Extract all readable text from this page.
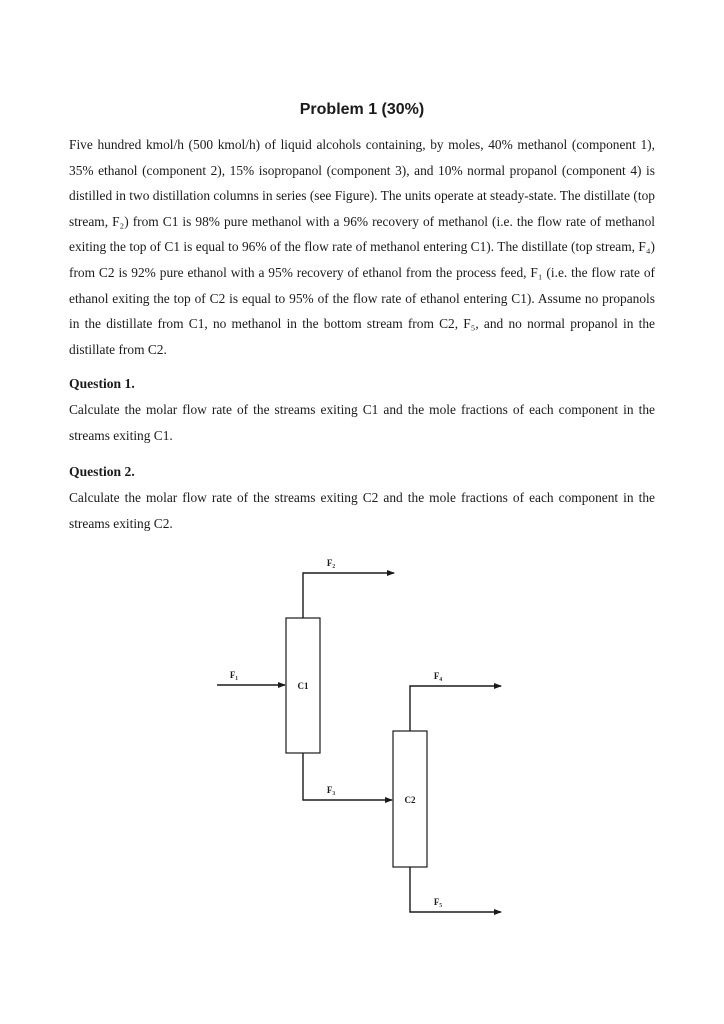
Problem 1 (30%)
Five hundred kmol/h (500 kmol/h) of liquid alcohols containing, by moles, 40% methanol (component 1), 35% ethanol (component 2), 15% isopropanol (component 3), and 10% normal propanol (component 4) is distilled in two distillation columns in series (see Figure). The units operate at steady-state. The distillate (top stream, F₂) from C1 is 98% pure methanol with a 96% recovery of methanol (i.e. the flow rate of methanol exiting the top of C1 is equal to 96% of the flow rate of methanol entering C1). The distillate (top stream, F₄) from C2 is 92% pure ethanol with a 95% recovery of ethanol from the process feed, F₁ (i.e. the flow rate of ethanol exiting the top of C2 is equal to 95% of the flow rate of ethanol entering C1). Assume no propanols in the distillate from C1, no methanol in the bottom stream from C2, F₅, and no normal propanol in the distillate from C2.
Question 1.
Calculate the molar flow rate of the streams exiting C1 and the mole fractions of each component in the streams exiting C1.
Question 2.
Calculate the molar flow rate of the streams exiting C2 and the mole fractions of each component in the streams exiting C2.
C1
C2
F₁
F₂
F₃
F₄
F₅
